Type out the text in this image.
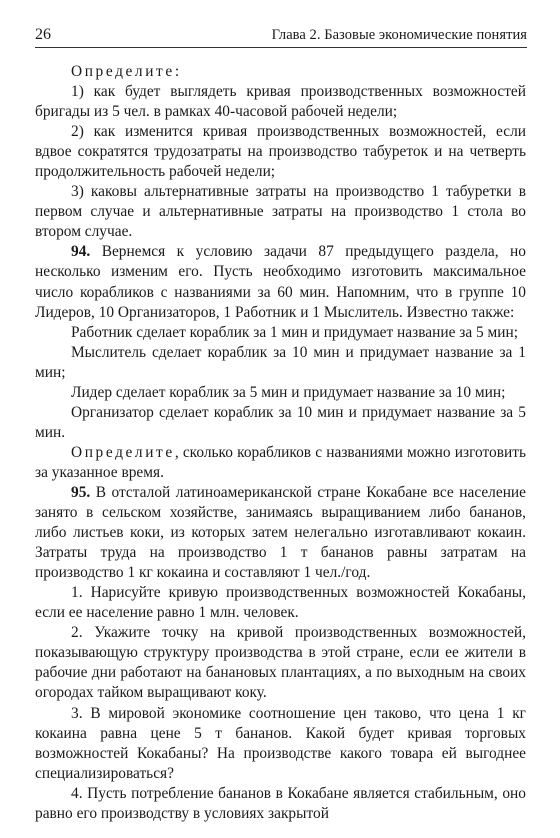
26	Глава 2. Базовые экономические понятия

Определите:

1) как будет выглядеть кривая производственных возможностей бригады из 5 чел. в рамках 40-часовой рабочей недели;

2) как изменится кривая производственных возможностей, если вдвое сократятся трудозатраты на производство табуреток и на четверть продолжительность рабочей недели;

3) каковы альтернативные затраты на производство 1 табуретки в первом случае и альтернативные затраты на производство 1 стола во втором случае.

94. Вернемся к условию задачи 87 предыдущего раздела, но несколько изменим его. Пусть необходимо изготовить максимальное число корабликов с названиями за 60 мин. Напомним, что в группе 10 Лидеров, 10 Организаторов, 1 Работник и 1 Мыслитель. Известно также:

Работник сделает кораблик за 1 мин и придумает название за 5 мин;

Мыслитель сделает кораблик за 10 мин и придумает название за 1 мин;

Лидер сделает кораблик за 5 мин и придумает название за 10 мин;

Организатор сделает кораблик за 10 мин и придумает название за 5 мин.

Определите, сколько корабликов с названиями можно изготовить за указанное время.

95. В отсталой латиноамериканской стране Кокабане все население занято в сельском хозяйстве, занимаясь выращиванием либо бананов, либо листьев коки, из которых затем нелегально изготавливают кокаин. Затраты труда на производство 1 т бананов равны затратам на производство 1 кг кокаина и составляют 1 чел./год.

1. Нарисуйте кривую производственных возможностей Кокабаны, если ее население равно 1 млн. человек.

2. Укажите точку на кривой производственных возможностей, показывающую структуру производства в этой стране, если ее жители в рабочие дни работают на банановых плантациях, а по выходным на своих огородах тайком выращивают коку.

3. В мировой экономике соотношение цен таково, что цена 1 кг кокаина равна цене 5 т бананов. Какой будет кривая торговых возможностей Кокабаны? На производстве какого товара ей выгоднее специализироваться?

4. Пусть потребление бананов в Кокабане является стабильным, оно равно его производству в условиях закрытой
